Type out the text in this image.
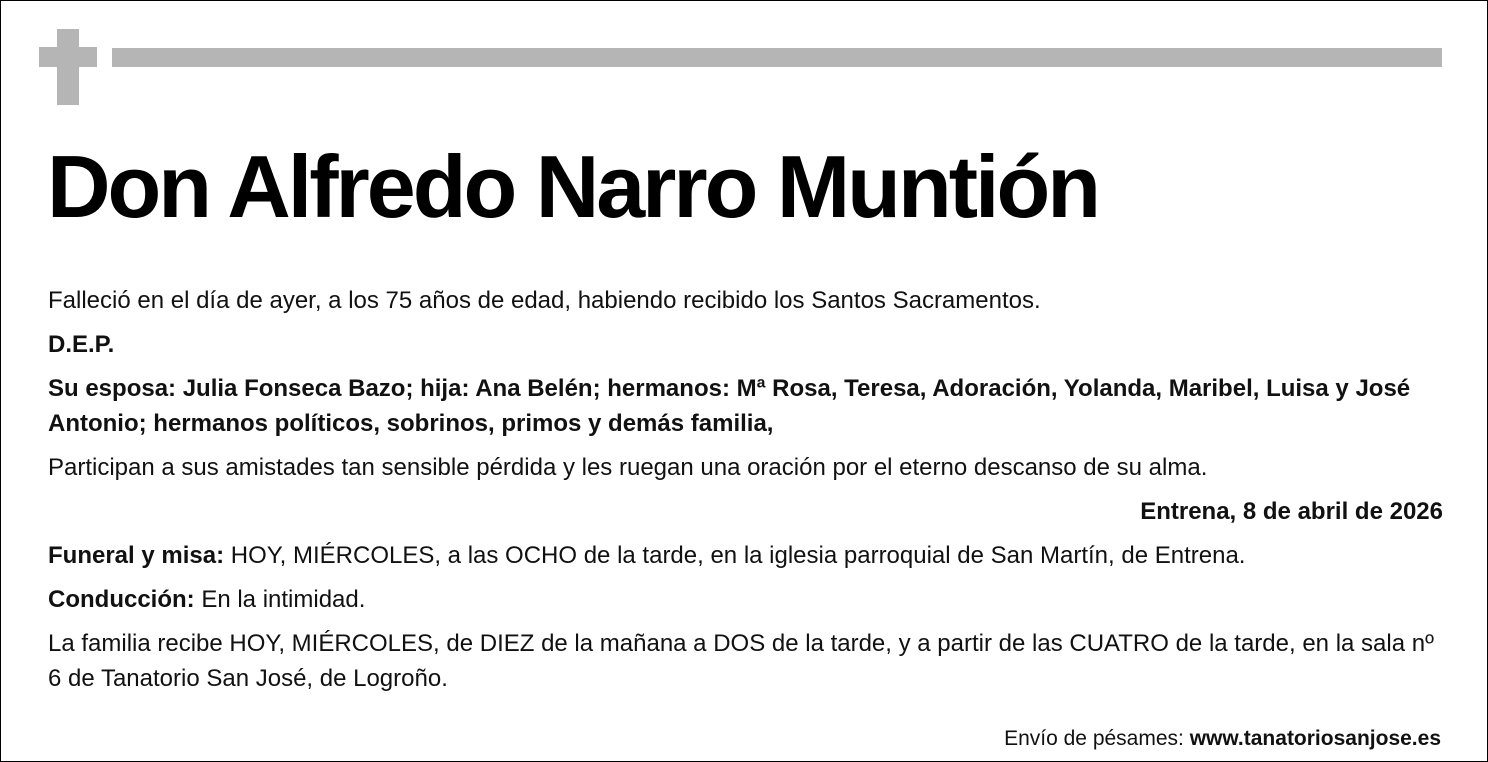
Don Alfredo Narro Muntión

Falleció en el día de ayer, a los 75 años de edad, habiendo recibido los Santos Sacramentos.

D.E.P.

Su esposa: Julia Fonseca Bazo; hija: Ana Belén; hermanos: Mª Rosa, Teresa, Adoración, Yolanda, Maribel, Luisa y José Antonio; hermanos políticos, sobrinos, primos y demás familia,

Participan a sus amistades tan sensible pérdida y les ruegan una oración por el eterno descanso de su alma.

Entrena, 8 de abril de 2026

Funeral y misa: HOY, MIÉRCOLES, a las OCHO de la tarde, en la iglesia parroquial de San Martín, de Entrena.

Conducción: En la intimidad.

La familia recibe HOY, MIÉRCOLES, de DIEZ de la mañana a DOS de la tarde, y a partir de las CUATRO de la tarde, en la sala nº 6 de Tanatorio San José, de Logroño.

Envío de pésames: www.tanatoriosanjose.es
